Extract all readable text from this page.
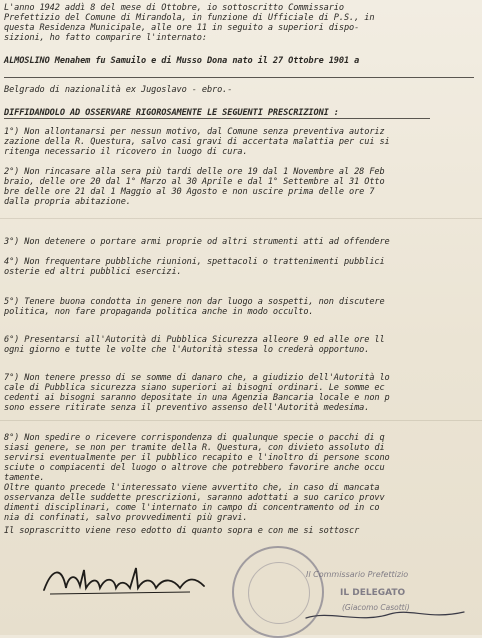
L'anno 1942 addì 8 del mese di Ottobre, io sottoscritto Commissario
Prefettizio del Comune di Mirandola, in funzione di Ufficiale di P.S., in
questa Residenza Municipale, alle ore 11 in seguito a superiori dispo-
sizioni, ho fatto comparire l'internato:
ALMOSLINO Menahem fu Samuilo e di Musso Dona nato il 27 Ottobre 1901 a
Belgrado di nazionalità ex Jugoslavo - ebro.-
DIFFIDANDOLO AD OSSERVARE RIGOROSAMENTE LE SEGUENTI PRESCRIZIONI :
1°) Non allontanarsi per nessun motivo, dal Comune senza preventiva autoriz
zazione della R. Questura, salvo casi gravi di accertata malattia per cui si
ritenga necessario il ricovero in luogo di cura.
2°) Non rincasare alla sera più tardi delle ore 19 dal 1 Novembre al 28 Feb
braio, delle ore 20 dal 1° Marzo al 30 Aprile e dal 1° Settembre al 31 Otto
bre delle ore 21 dal 1 Maggio al 30 Agosto e non uscire prima delle ore 7
dalla propria abitazione.
3°) Non detenere o portare armi proprie od altri strumenti atti ad offendere
4°) Non frequentare pubbliche riunioni, spettacoli o trattenimenti pubblici
osterie ed altri pubblici esercizi.
5°) Tenere buona condotta in genere non dar luogo a sospetti, non discutere
politica, non fare propaganda politica anche in modo occulto.
6°) Presentarsi all'Autorità di Pubblica Sicurezza alleore 9 ed alle ore ll
ogni giorno e tutte le volte che l'Autorità stessa lo crederà opportuno.
7°) Non tenere presso di se somme di danaro che, a giudizio dell'Autorità lo
cale di Pubblica sicurezza siano superiori ai bisogni ordinari. Le somme ec
cedenti ai bisogni saranno depositate in una Agenzia Bancaria locale e non p
sono essere ritirate senza il preventivo assenso dell'Autorità medesima.
8°) Non spedire o ricevere corrispondenza di qualunque specie o pacchi di q
siasi genere, se non per tramite della R. Questura, con divieto assoluto di
servirsi eventualmente per il pubblico recapito e l'inoltro di persone scono
sciute o compiacenti del luogo o altrove che potrebbero favorire anche occu
tamente.
Oltre quanto precede l'interessato viene avvertito che, in caso di mancata
osservanza delle suddette prescrizioni, saranno adottati a suo carico provv
dimenti disciplinari, come l'internato in campo di concentramento od in co
nia di confinati, salvo provvedimenti più gravi.
Il soprascritto viene reso edotto di quanto sopra e con me si sottoscr
Il Commissario Prefettizio
IL DELEGATO
(Giacomo Casotti)
